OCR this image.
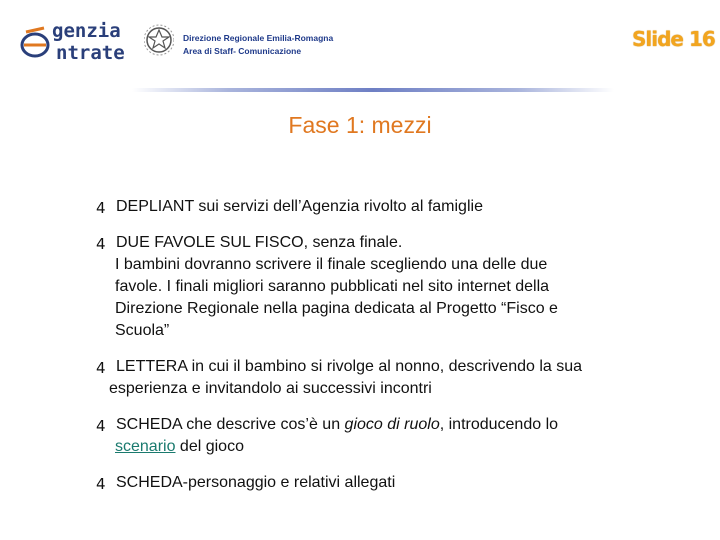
genzia
ntrate
Direzione Regionale Emilia-Romagna
Area di Staff- Comunicazione	Slide 16
Fase 1: mezzi
4 DEPLIANT sui servizi dell’Agenzia rivolto al famiglie
4 DUE FAVOLE SUL FISCO, senza finale.
I bambini dovranno scrivere il finale scegliendo una delle due
favole. I finali migliori saranno pubblicati nel sito internet della
Direzione Regionale nella pagina dedicata al Progetto “Fisco e
Scuola”
4 LETTERA in cui il bambino si rivolge al nonno, descrivendo la sua
esperienza e invitandolo ai successivi incontri
4 SCHEDA che descrive cos’è un gioco di ruolo, introducendo lo
scenario del gioco
4 SCHEDA-personaggio e relativi allegati
